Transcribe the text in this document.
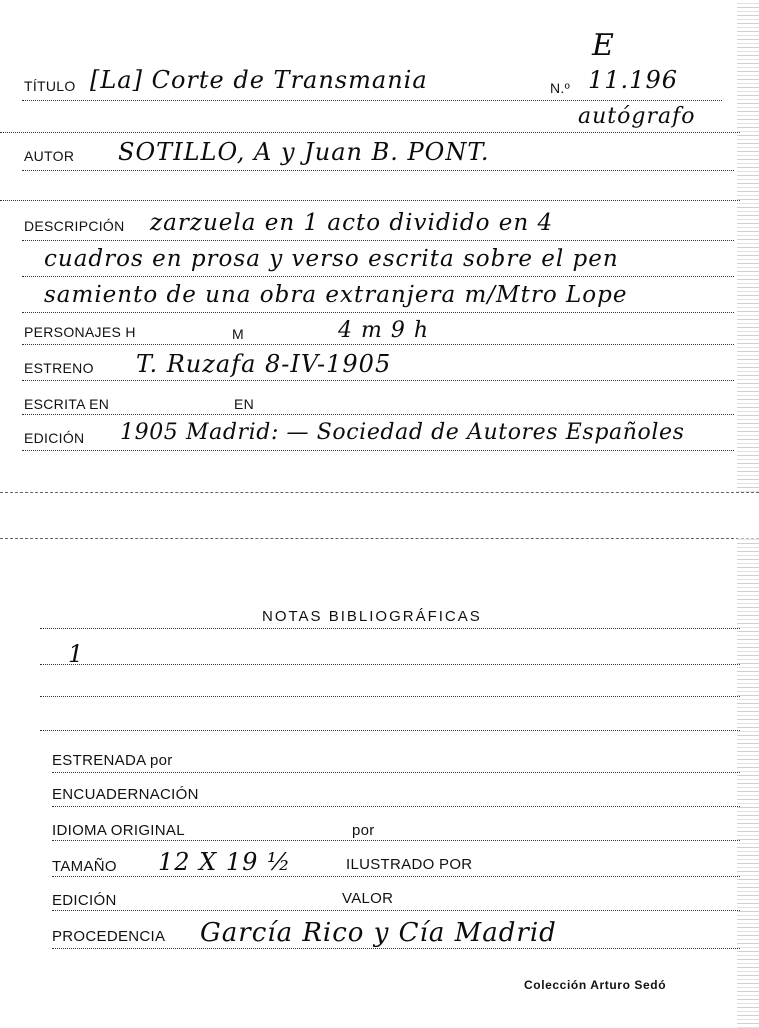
E
TÍTULO [La] Corte de Transmania	N.º 11.196
autógrafo
AUTOR SOTILLO, A y Juan B. PONT.
DESCRIPCIÓN zarzuela en 1 acto dividido en 4
cuadros en prosa y verso escrita sobre el pen
samiento de una obra extranjera m/Mtro Lope
PERSONAJES H	M	4 m 9 h
ESTRENO T. Ruzafa 8-IV-1905
ESCRITA EN	EN
EDICIÓN 1905 Madrid: — Sociedad de Autores Españoles
NOTAS BIBLIOGRÁFICAS
1
ESTRENADA por
ENCUADERNACIÓN
IDIOMA ORIGINAL	por
TAMAÑO 12 X 19 ½	ILUSTRADO POR
EDICIÓN	VALOR
PROCEDENCIA García Rico y Cía Madrid
Colección Arturo Sedó
